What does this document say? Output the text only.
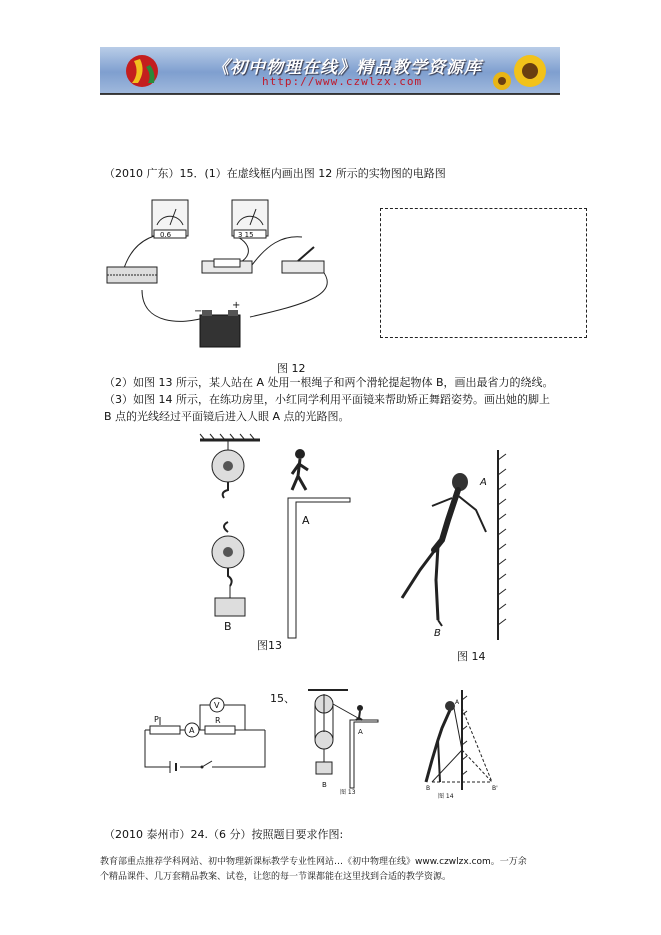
《初中物理在线》精品教学资源库
http://www.czwlzx.com
（2010 广东）15．(1）在虚线框内画出图 12 所示的实物图的电路图
0.6	3 15
−
+
图 12
（2）如图 13 所示，某人站在 A 处用一根绳子和两个滑轮提起物体 B，画出最省力的绕线。
（3）如图 14 所示，在练功房里，小红同学利用平面镜来帮助矫正舞蹈姿势。画出她的脚上
B 点的光线经过平面镜后进入人眼 A 点的光路图。
B
A
图13
A
B
图 14
15、
P
A
V
R
B
A
图 13
A
B	B'
图 14
（2010 泰州市）24.（6 分）按照题目要求作图:
教育部重点推荐学科网站、初中物理新课标教学专业性网站…《初中物理在线》www.czwlzx.com。一万余
个精品课件、几万套精品教案、试卷，让您的每一节课都能在这里找到合适的教学资源。
